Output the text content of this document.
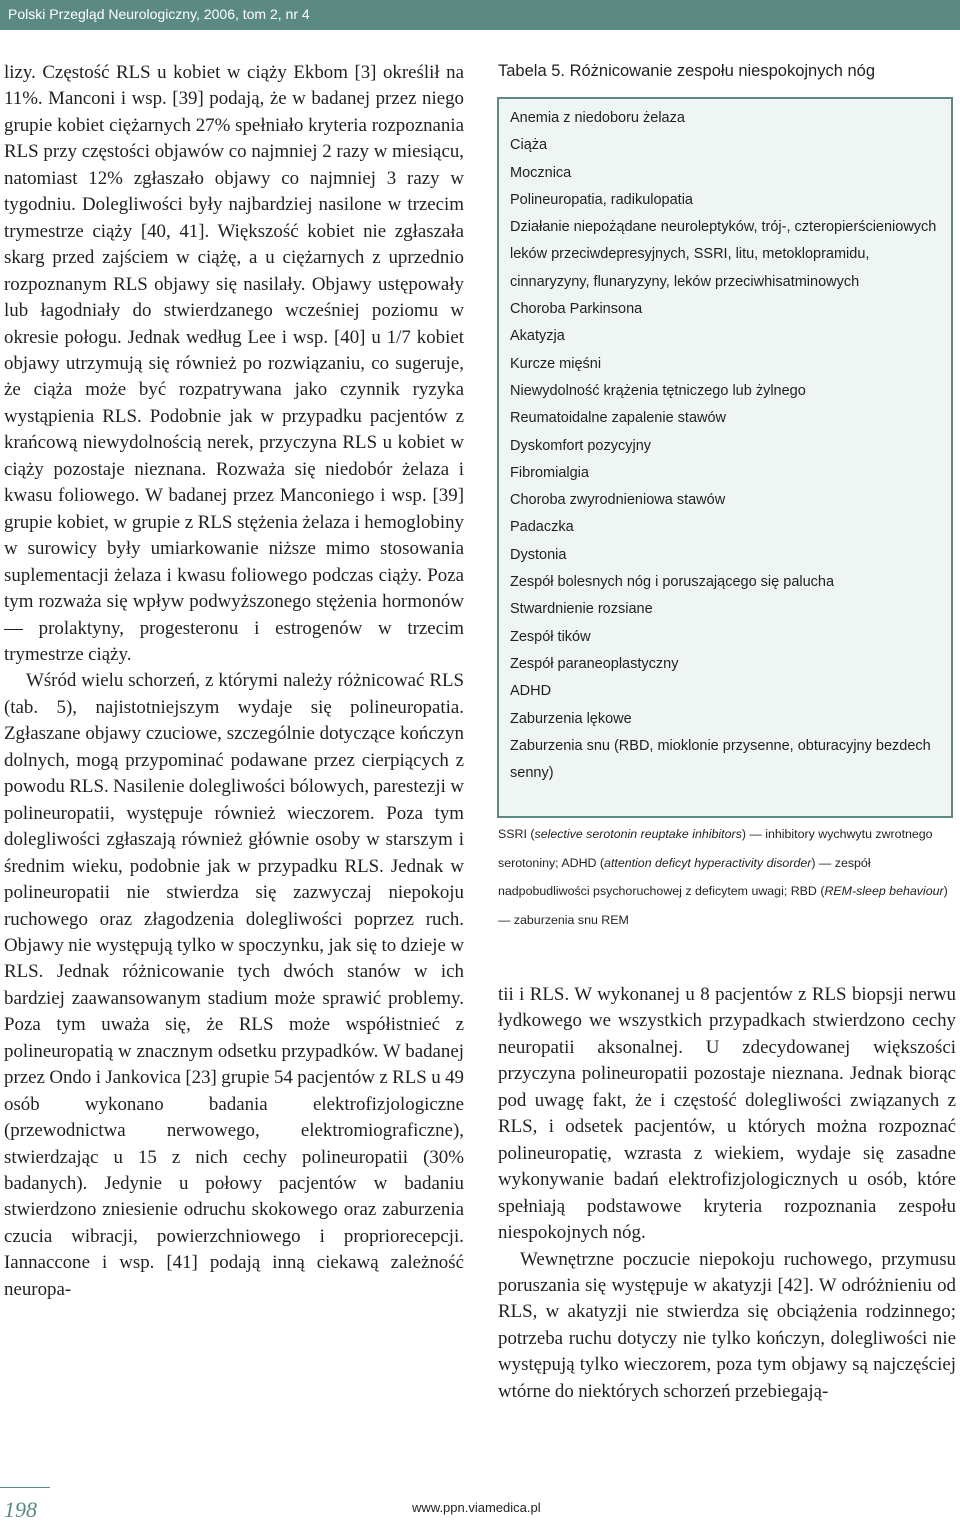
Polski Przegląd Neurologiczny, 2006, tom 2, nr 4

lizy. Częstość RLS u kobiet w ciąży Ekbom [3] określił na 11%. Manconi i wsp. [39] podają, że w badanej przez niego grupie kobiet ciężarnych 27% spełniało kryteria rozpoznania RLS przy częstości objawów co najmniej 2 razy w miesiącu, natomiast 12% zgłaszało objawy co najmniej 3 razy w tygodniu. Dolegliwości były najbardziej nasilone w trzecim trymestrze ciąży [40, 41]. Większość kobiet nie zgłaszała skarg przed zajściem w ciążę, a u ciężarnych z uprzednio rozpoznanym RLS objawy się nasilały. Objawy ustępowały lub łagodniały do stwierdzanego wcześniej poziomu w okresie połogu. Jednak według Lee i wsp. [40] u 1/7 kobiet objawy utrzymują się również po rozwiązaniu, co sugeruje, że ciąża może być rozpatrywana jako czynnik ryzyka wystąpienia RLS. Podobnie jak w przypadku pacjentów z krańcową niewydolnością nerek, przyczyna RLS u kobiet w ciąży pozostaje nieznana. Rozważa się niedobór żelaza i kwasu foliowego. W badanej przez Manconiego i wsp. [39] grupie kobiet, w grupie z RLS stężenia żelaza i hemoglobiny w surowicy były umiarkowanie niższe mimo stosowania suplementacji żelaza i kwasu foliowego podczas ciąży. Poza tym rozważa się wpływ podwyższonego stężenia hormonów — prolaktyny, progesteronu i estrogenów w trzecim trymestrze ciąży.

Wśród wielu schorzeń, z którymi należy różnicować RLS (tab. 5), najistotniejszym wydaje się polineuropatia. Zgłaszane objawy czuciowe, szczególnie dotyczące kończyn dolnych, mogą przypominać podawane przez cierpiących z powodu RLS. Nasilenie dolegliwości bólowych, parestezji w polineuropatii, występuje również wieczorem. Poza tym dolegliwości zgłaszają również głównie osoby w starszym i średnim wieku, podobnie jak w przypadku RLS. Jednak w polineuropatii nie stwierdza się zazwyczaj niepokoju ruchowego oraz złagodzenia dolegliwości poprzez ruch. Objawy nie występują tylko w spoczynku, jak się to dzieje w RLS. Jednak różnicowanie tych dwóch stanów w ich bardziej zaawansowanym stadium może sprawić problemy. Poza tym uważa się, że RLS może współistnieć z polineuropatią w znacznym odsetku przypadków. W badanej przez Ondo i Jankovica [23] grupie 54 pacjentów z RLS u 49 osób wykonano badania elektrofizjologiczne (przewodnictwa nerwowego, elektromiograficzne), stwierdzając u 15 z nich cechy polineuropatii (30% badanych). Jedynie u połowy pacjentów w badaniu stwierdzono zniesienie odruchu skokowego oraz zaburzenia czucia wibracji, powierzchniowego i propriorecepcji. Iannaccone i wsp. [41] podają inną ciekawą zależność neuropa-

Tabela 5. Różnicowanie zespołu niespokojnych nóg
Anemia z niedoboru żelaza
Ciąża
Mocznica
Polineuropatia, radikulopatia
Działanie niepożądane neuroleptyków, trój-, czteropierścieniowych leków przeciwdepresyjnych, SSRI, litu, metoklopramidu, cinnaryzyny, flunaryzyny, leków przeciwhisatminowych
Choroba Parkinsona
Akatyzja
Kurcze mięśni
Niewydolność krążenia tętniczego lub żylnego
Reumatoidalne zapalenie stawów
Dyskomfort pozycyjny
Fibromialgia
Choroba zwyrodnieniowa stawów
Padaczka
Dystonia
Zespół bolesnych nóg i poruszającego się palucha
Stwardnienie rozsiane
Zespół tików
Zespół paraneoplastyczny
ADHD
Zaburzenia lękowe
Zaburzenia snu (RBD, mioklonie przysenne, obturacyjny bezdech senny)

SSRI (selective serotonin reuptake inhibitors) — inhibitory wychwytu zwrotnego serotoniny; ADHD (attention deficyt hyperactivity disorder) — zespół nadpobudliwości psychoruchowej z deficytem uwagi; RBD (REM-sleep behaviour) — zaburzenia snu REM

tii i RLS. W wykonanej u 8 pacjentów z RLS biopsji nerwu łydkowego we wszystkich przypadkach stwierdzono cechy neuropatii aksonalnej. U zdecydowanej większości przyczyna polineuropatii pozostaje nieznana. Jednak biorąc pod uwagę fakt, że i częstość dolegliwości związanych z RLS, i odsetek pacjentów, u których można rozpoznać polineuropatię, wzrasta z wiekiem, wydaje się zasadne wykonywanie badań elektrofizjologicznych u osób, które spełniają podstawowe kryteria rozpoznania zespołu niespokojnych nóg.

Wewnętrzne poczucie niepokoju ruchowego, przymusu poruszania się występuje w akatyzji [42]. W odróżnieniu od RLS, w akatyzji nie stwierdza się obciążenia rodzinnego; potrzeba ruchu dotyczy nie tylko kończyn, dolegliwości nie występują tylko wieczorem, poza tym objawy są najczęściej wtórne do niektórych schorzeń przebiegają-

198	www.ppn.viamedica.pl
